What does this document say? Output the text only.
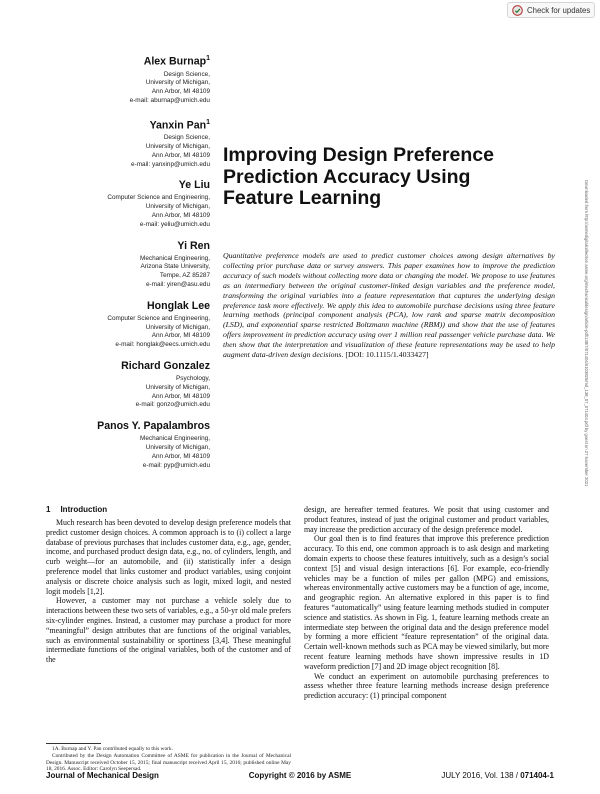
Check for updates
Alex Burnap$^1$
Design Science,
University of Michigan,
Ann Arbor, MI 48109
e-mail: aburnap@umich.edu
Yanxin Pan$^1$
Design Science,
University of Michigan,
Ann Arbor, MI 48109
e-mail: yanxinp@umich.edu
Ye Liu
Computer Science and Engineering,
University of Michigan,
Ann Arbor, MI 48109
e-mail: yeliu@umich.edu
Yi Ren
Mechanical Engineering,
Arizona State University,
Tempe, AZ 85287
e-mail: yiren@asu.edu
Honglak Lee
Computer Science and Engineering,
University of Michigan,
Ann Arbor, MI 48109
e-mail: honglak@eecs.umich.edu
Richard Gonzalez
Psychology,
University of Michigan,
Ann Arbor, MI 48109
e-mail: gonzo@umich.edu
Panos Y. Papalambros
Mechanical Engineering,
University of Michigan,
Ann Arbor, MI 48109
e-mail: pyp@umich.edu
Improving Design Preference Prediction Accuracy Using Feature Learning
Quantitative preference models are used to predict customer choices among design alternatives by collecting prior purchase data or survey answers. This paper examines how to improve the prediction accuracy of such models without collecting more data or changing the model. We propose to use features as an intermediary between the original customer-linked design variables and the preference model, transforming the original variables into a feature representation that captures the underlying design preference task more effectively. We apply this idea to automobile purchase decisions using three feature learning methods (principal component analysis (PCA), low rank and sparse matrix decomposition (LSD), and exponential sparse restricted Boltzmann machine (RBM)) and show that the use of features offers improvement in prediction accuracy using over 1 million real passenger vehicle purchase data. We then show that the interpretation and visualization of these feature representations may be used to help augment data-driven design decisions. [DOI: 10.1115/1.4033427]	Downloaded from http://asmedigitalcollection.asme.org/mechanicaldesign/article-pdf/138/7/071404/6103825/md_138_07_071404.pdf by guest on 27 November 2021
1 Introduction

Much research has been devoted to develop design preference models that predict customer design choices. A common approach is to (i) collect a large database of previous purchases that includes customer data, e.g., age, gender, income, and purchased product design data, e.g., no. of cylinders, length, and curb weight—for an automobile, and (ii) statistically infer a design preference model that links customer and product variables, using conjoint analysis or discrete choice analysis such as logit, mixed logit, and nested logit models [1,2].

However, a customer may not purchase a vehicle solely due to interactions between these two sets of variables, e.g., a 50-yr old male prefers six-cylinder engines. Instead, a customer may purchase a product for more “meaningful” design attributes that are functions of the original variables, such as environmental sustainability or sportiness [3,4]. These meaningful intermediate functions of the original variables, both of the customer and of the

design, are hereafter termed features. We posit that using customer and product features, instead of just the original customer and product variables, may increase the prediction accuracy of the design preference model.

Our goal then is to find features that improve this preference prediction accuracy. To this end, one common approach is to ask design and marketing domain experts to choose these features intuitively, such as a design’s social context [5] and visual design interactions [6]. For example, eco-friendly vehicles may be a function of miles per gallon (MPG) and emissions, whereas environmentally active customers may be a function of age, income, and geographic region. An alternative explored in this paper is to find features “automatically” using feature learning methods studied in computer science and statistics. As shown in Fig. 1, feature learning methods create an intermediate step between the original data and the design preference model by forming a more efficient “feature representation” of the original data. Certain well-known methods such as PCA may be viewed similarly, but more recent feature learning methods have shown impressive results in 1D waveform prediction [7] and 2D image object recognition [8].

We conduct an experiment on automobile purchasing preferences to assess whether three feature learning methods increase design preference prediction accuracy: (1) principal component

1A. Burnap and Y. Pan contributed equally to this work.

Contributed by the Design Automation Committee of ASME for publication in the Journal of Mechanical Design. Manuscript received October 15, 2015; final manuscript received April 15, 2016; published online May 18, 2016. Assoc. Editor: Carolyn Seepersad.

Journal of Mechanical Design	Copyright © 2016 by ASME	JULY 2016, Vol. 138 / 071404-1
